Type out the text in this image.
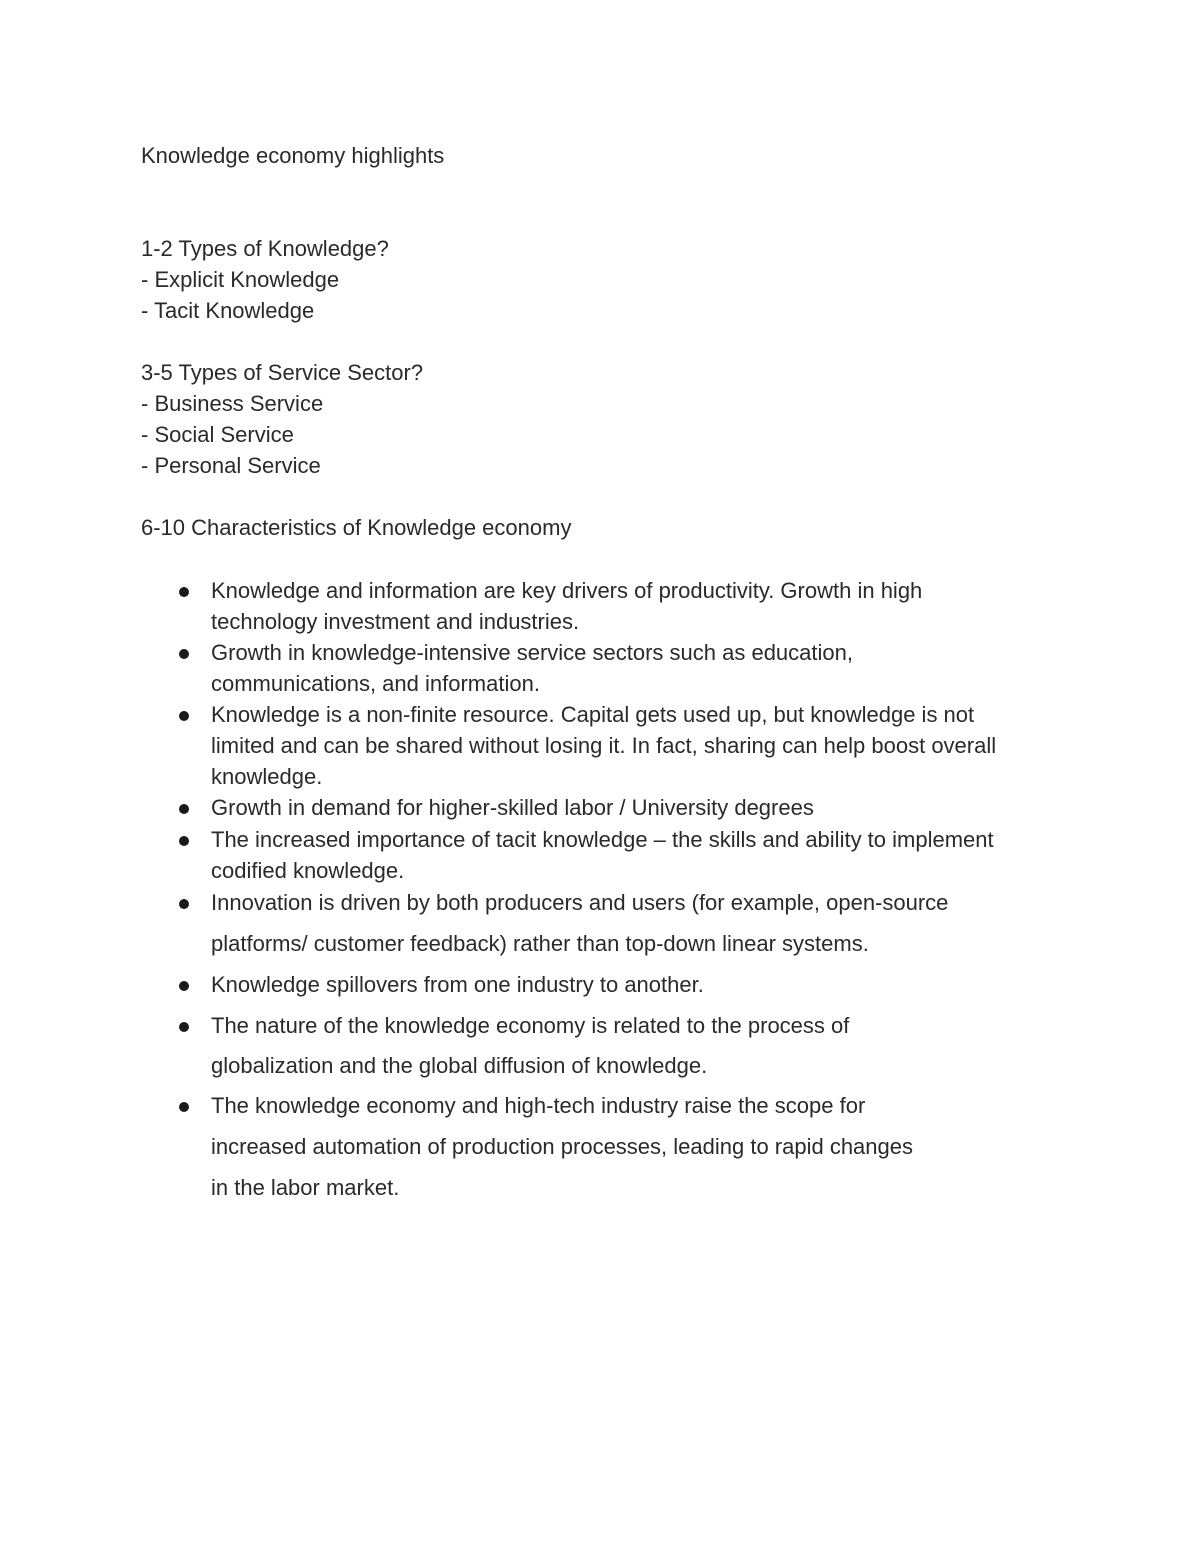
Knowledge economy highlights
1-2 Types of Knowledge?
- Explicit Knowledge
- Tacit Knowledge
3-5 Types of Service Sector?
- Business Service
- Social Service
- Personal Service
6-10 Characteristics of Knowledge economy
Knowledge and information are key drivers of productivity. Growth in high
technology investment and industries.
Growth in knowledge-intensive service sectors such as education,
communications, and information.
Knowledge is a non-finite resource. Capital gets used up, but knowledge is not
limited and can be shared without losing it. In fact, sharing can help boost overall
knowledge.
Growth in demand for higher-skilled labor / University degrees
The increased importance of tacit knowledge – the skills and ability to implement
codified knowledge.
Innovation is driven by both producers and users (for example, open-source
platforms/ customer feedback) rather than top-down linear systems.
Knowledge spillovers from one industry to another.
The nature of the knowledge economy is related to the process of
globalization and the global diffusion of knowledge.
The knowledge economy and high-tech industry raise the scope for
increased automation of production processes, leading to rapid changes
in the labor market.
